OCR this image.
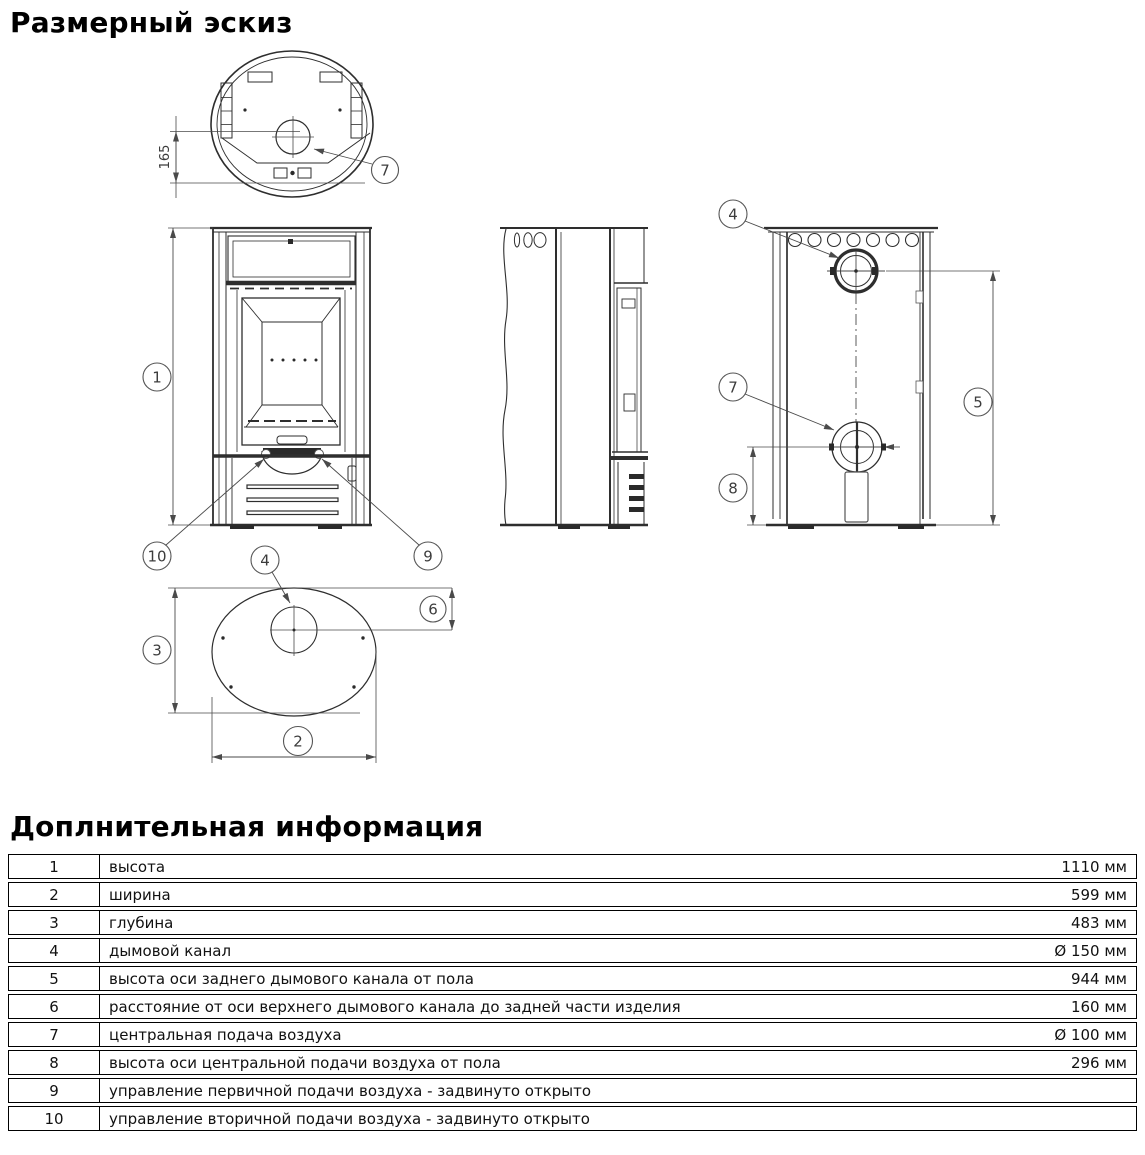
Размерный эскиз
165
7
1
10	9
5
8
4
7
3
6
2
4
Доплнительная информация
1	высота	1110 мм
2	ширина	599 мм
3	глубина	483 мм
4	дымовой канал	Ø 150 мм
5	высота оси заднего дымового канала от пола	944 мм
6	расстояние от оси верхнего дымового канала до задней части изделия	160 мм
7	центральная подача воздуха	Ø 100 мм
8	высота оси центральной подачи воздуха от пола	296 мм
9	управление первичной подачи воздуха - задвинуто открыто
10	управление вторичной подачи воздуха - задвинуто открыто
